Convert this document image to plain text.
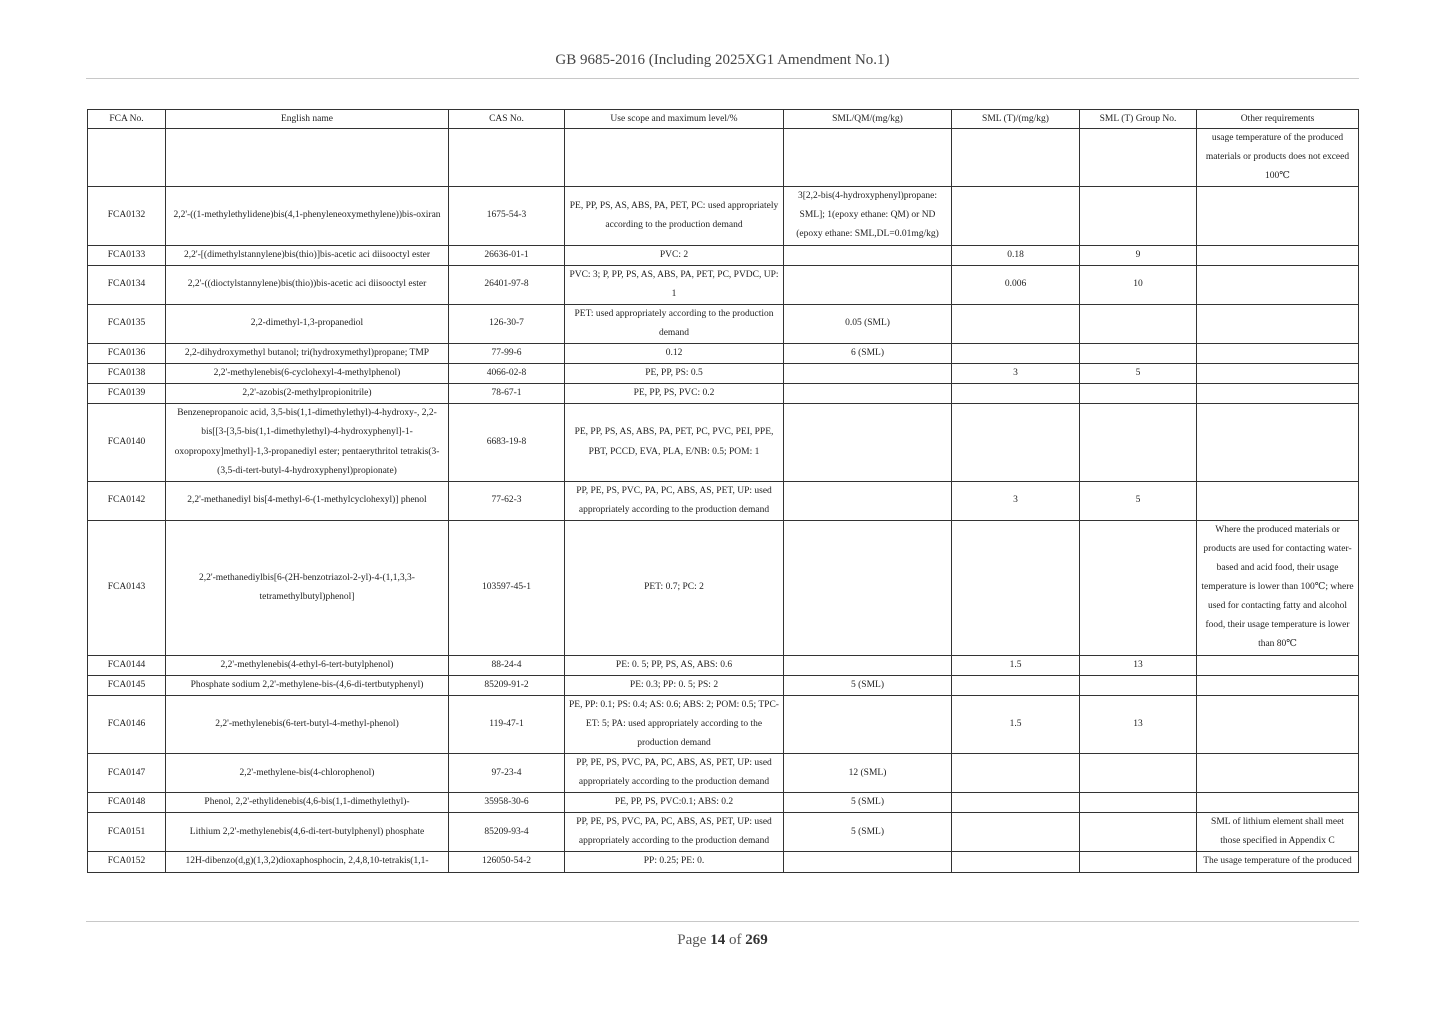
GB 9685-2016 (Including 2025XG1 Amendment No.1)
FCA No.	English name	CAS No.	Use scope and maximum level/%	SML/QM/(mg/kg)	SML (T)/(mg/kg)	SML (T) Group No.	Other requirements
							usage temperature of the produced materials or products does not exceed 100℃
FCA0132	2,2'-((1-methylethylidene)bis(4,1-phenyleneoxymethylene))bis-oxiran	1675-54-3	PE, PP, PS, AS, ABS, PA, PET, PC: used appropriately according to the production demand	3[2,2-bis(4-hydroxyphenyl)propane: SML]; 1(epoxy ethane: QM) or ND (epoxy ethane: SML,DL=0.01mg/kg)			
FCA0133	2,2'-[(dimethylstannylene)bis(thio)]bis-acetic aci diisooctyl ester	26636-01-1	PVC: 2		0.18	9	
FCA0134	2,2'-((dioctylstannylene)bis(thio))bis-acetic aci diisooctyl ester	26401-97-8	PVC: 3; P, PP, PS, AS, ABS, PA, PET, PC, PVDC, UP: 1		0.006	10	
FCA0135	2,2-dimethyl-1,3-propanediol	126-30-7	PET: used appropriately according to the production demand	0.05 (SML)			
FCA0136	2,2-dihydroxymethyl butanol; tri(hydroxymethyl)propane; TMP	77-99-6	0.12	6 (SML)			
FCA0138	2,2'-methylenebis(6-cyclohexyl-4-methylphenol)	4066-02-8	PE, PP, PS: 0.5		3	5	
FCA0139	2,2'-azobis(2-methylpropionitrile)	78-67-1	PE, PP, PS, PVC: 0.2				
FCA0140	Benzenepropanoic acid, 3,5-bis(1,1-dimethylethyl)-4-hydroxy-, 2,2-bis[[3-[3,5-bis(1,1-dimethylethyl)-4-hydroxyphenyl]-1-oxopropoxy]methyl]-1,3-propanediyl ester; pentaerythritol tetrakis(3-(3,5-di-tert-butyl-4-hydroxyphenyl)propionate)	6683-19-8	PE, PP, PS, AS, ABS, PA, PET, PC, PVC, PEI, PPE, PBT, PCCD, EVA, PLA, E/NB: 0.5; POM: 1				
FCA0142	2,2'-methanediyl bis[4-methyl-6-(1-methylcyclohexyl)] phenol	77-62-3	PP, PE, PS, PVC, PA, PC, ABS, AS, PET, UP: used appropriately according to the production demand		3	5	
FCA0143	2,2'-methanediylbis[6-(2H-benzotriazol-2-yl)-4-(1,1,3,3-tetramethylbutyl)phenol]	103597-45-1	PET: 0.7; PC: 2				Where the produced materials or products are used for contacting water-based and acid food, their usage temperature is lower than 100℃; where used for contacting fatty and alcohol food, their usage temperature is lower than 80℃
FCA0144	2,2'-methylenebis(4-ethyl-6-tert-butylphenol)	88-24-4	PE: 0. 5; PP, PS, AS, ABS: 0.6		1.5	13	
FCA0145	Phosphate sodium 2,2'-methylene-bis-(4,6-di-tertbutyphenyl)	85209-91-2	PE: 0.3; PP: 0. 5; PS: 2	5 (SML)			
FCA0146	2,2'-methylenebis(6-tert-butyl-4-methyl-phenol)	119-47-1	PE, PP: 0.1; PS: 0.4; AS: 0.6; ABS: 2; POM: 0.5; TPC-ET: 5; PA: used appropriately according to the production demand		1.5	13	
FCA0147	2,2'-methylene-bis(4-chlorophenol)	97-23-4	PP, PE, PS, PVC, PA, PC, ABS, AS, PET, UP: used appropriately according to the production demand	12 (SML)			
FCA0148	Phenol, 2,2'-ethylidenebis(4,6-bis(1,1-dimethylethyl)-	35958-30-6	PE, PP, PS, PVC:0.1; ABS: 0.2	5 (SML)			
FCA0151	Lithium 2,2'-methylenebis(4,6-di-tert-butylphenyl) phosphate	85209-93-4	PP, PE, PS, PVC, PA, PC, ABS, AS, PET, UP: used appropriately according to the production demand	5 (SML)			SML of lithium element shall meet those specified in Appendix C
FCA0152	12H-dibenzo(d,g)(1,3,2)dioxaphosphocin, 2,4,8,10-tetrakis(1,1-	126050-54-2	PP: 0.25; PE: 0.				The usage temperature of the produced
Page 14 of 269
